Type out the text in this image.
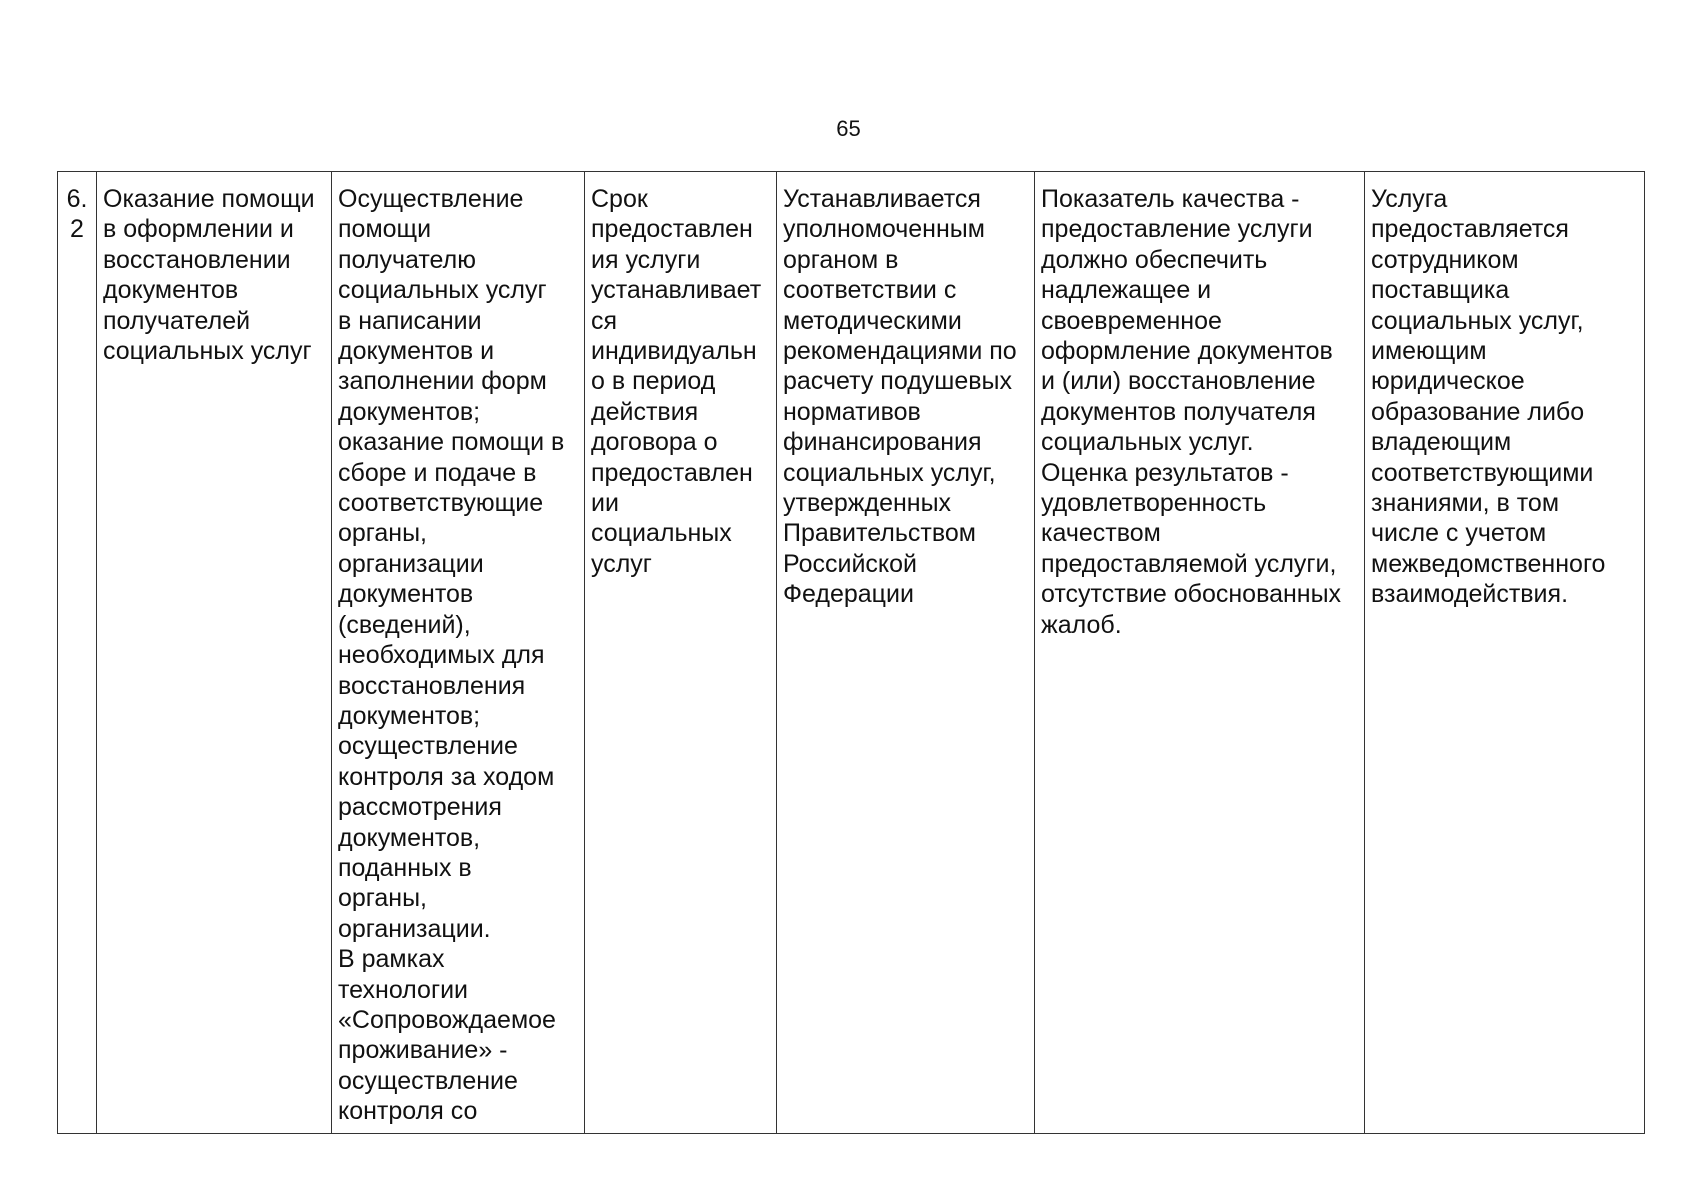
65
6.
2	Оказание помощи
в оформлении и
восстановлении
документов
получателей
социальных услуг	Осуществление
помощи
получателю
социальных услуг
в написании
документов и
заполнении форм
документов;
оказание помощи в
сборе и подаче в
соответствующие
органы,
организации
документов
(сведений),
необходимых для
восстановления
документов;
осуществление
контроля за ходом
рассмотрения
документов,
поданных в
органы,
организации.
В рамках
технологии
«Сопровождаемое
проживание» -
осуществление
контроля со	Срок
предоставлен
ия услуги
устанавливает
ся
индивидуальн
о в период
действия
договора о
предоставлен
ии
социальных
услуг	Устанавливается
уполномоченным
органом в
соответствии с
методическими
рекомендациями по
расчету подушевых
нормативов
финансирования
социальных услуг,
утвержденных
Правительством
Российской
Федерации	Показатель качества -
предоставление услуги
должно обеспечить
надлежащее и
своевременное
оформление документов
и (или) восстановление
документов получателя
социальных услуг.
Оценка результатов -
удовлетворенность
качеством
предоставляемой услуги,
отсутствие обоснованных
жалоб.	Услуга
предоставляется
сотрудником
поставщика
социальных услуг,
имеющим
юридическое
образование либо
владеющим
соответствующими
знаниями, в том
числе с учетом
межведомственного
взаимодействия.
